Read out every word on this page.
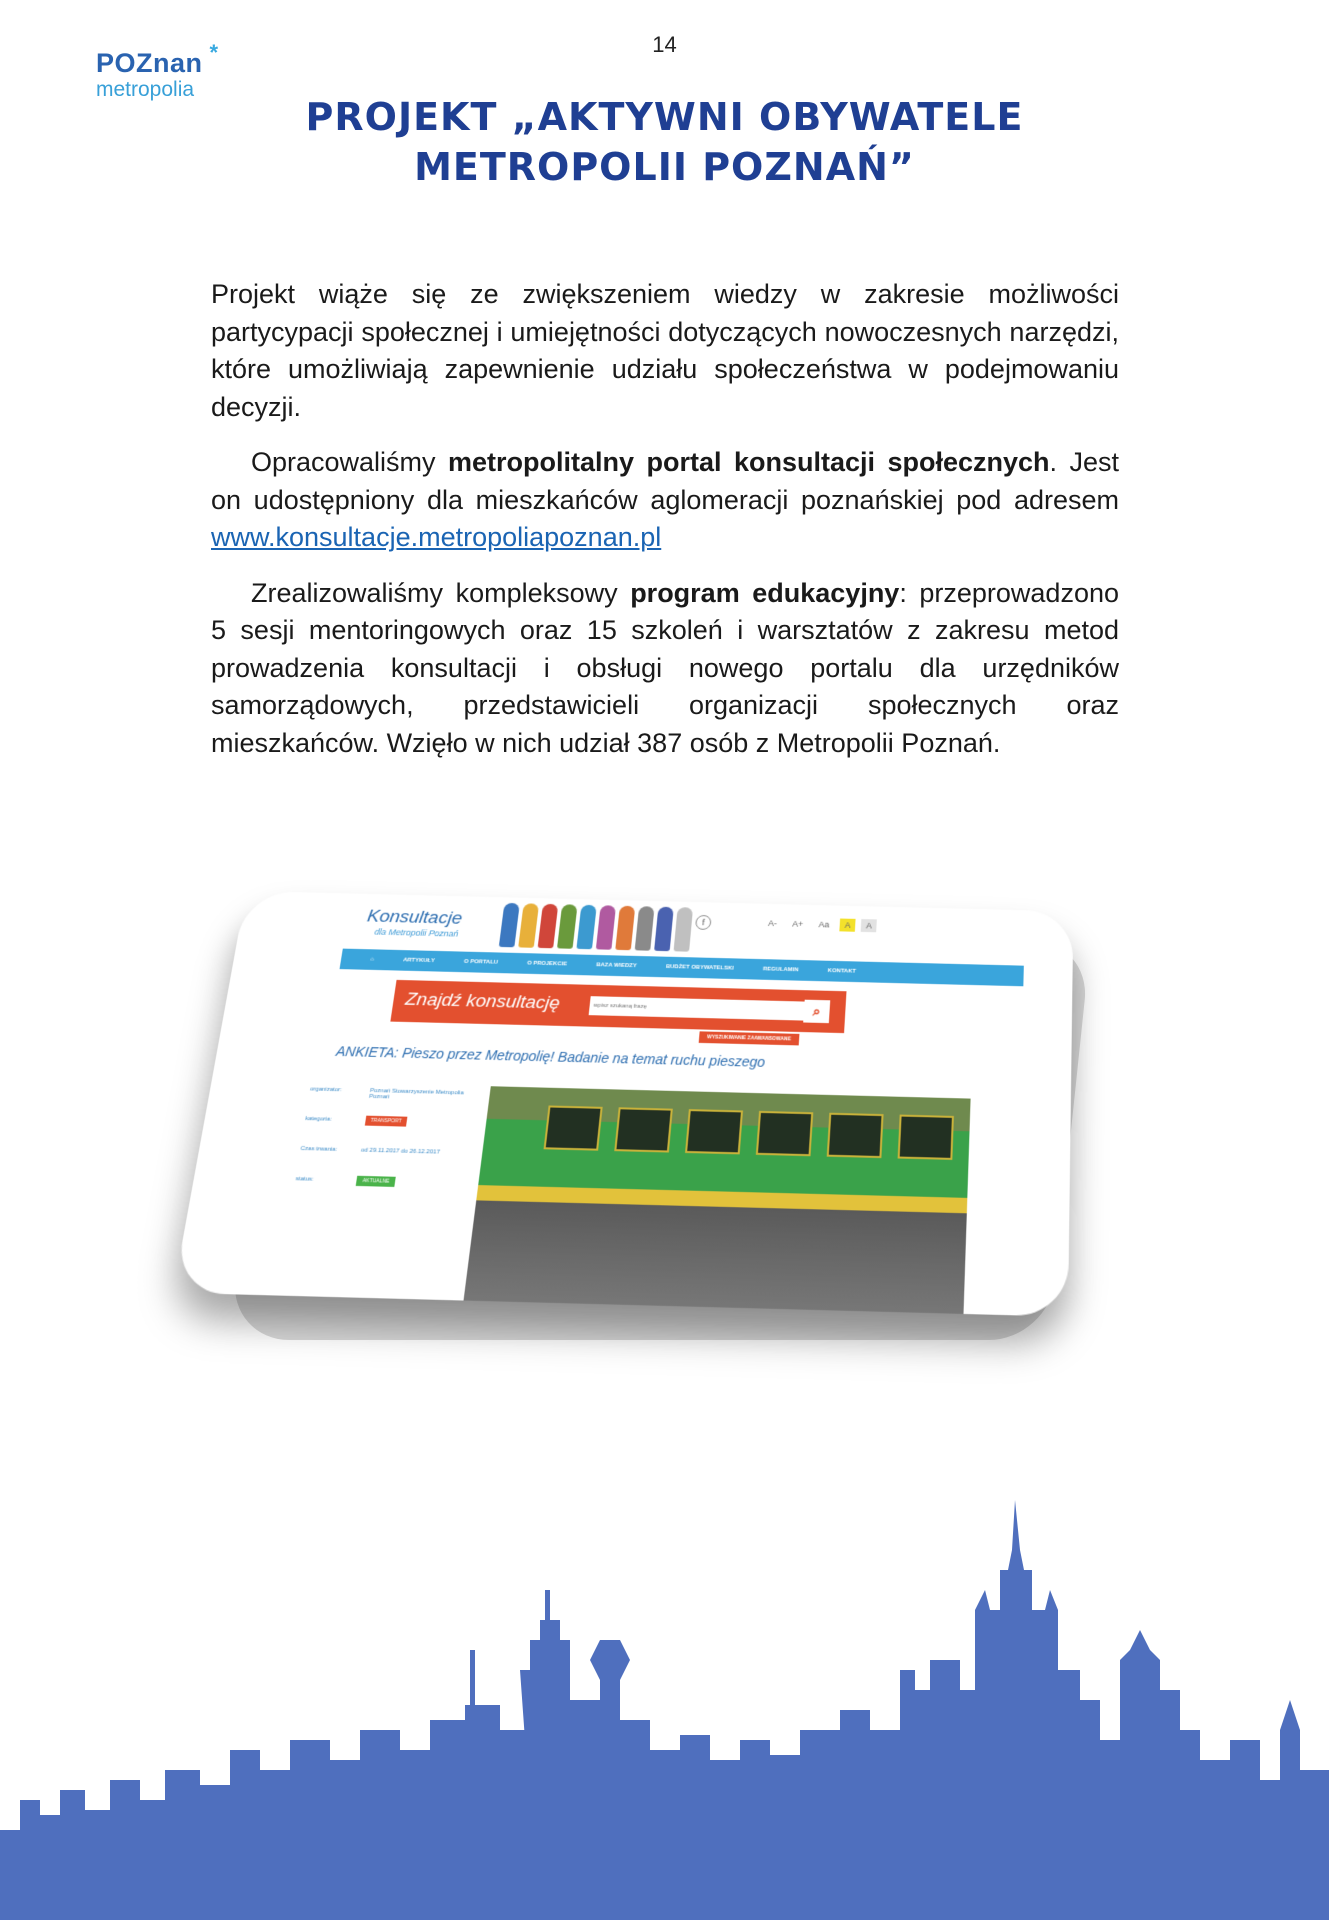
14
POZnan *
metropolia
PROJEKT „AKTYWNI OBYWATELE
METROPOLII POZNAŃ”

Projekt wiąże się ze zwiększeniem wiedzy w zakresie możliwości partycypacji społecznej i umiejętności dotyczących nowoczesnych narzędzi, które umożliwiają zapewnienie udziału społeczeństwa w podejmowaniu decyzji.

Opracowaliśmy metropolitalny portal konsultacji społecznych. Jest on udostępniony dla mieszkańców aglomeracji poznańskiej pod adresem www.konsultacje.metropoliapoznan.pl

Zrealizowaliśmy kompleksowy program edukacyjny: przeprowadzono 5 sesji mentoringowych oraz 15 szkoleń i warsztatów z zakresu metod prowadzenia konsultacji i obsługi nowego portalu dla urzędników samorządowych, przedstawicieli organizacji społecznych oraz mieszkańców. Wzięło w nich udział 387 osób z Metropolii Poznań.

Konsultacje
dla Metropolii Poznań
f	A-	A+	Aa	A	A
⌂	ARTYKUŁY	O PORTALU	O PROJEKCIE	BAZA WIEDZY	BUDŻET OBYWATELSKI	REGULAMIN	KONTAKT
Znajdź konsultację
wpisz szukaną frazę	⌕
WYSZUKIWANIE ZAAWANSOWANE
ANKIETA: Pieszo przez Metropolię! Badanie na temat ruchu pieszego
organizator:	Poznań Stowarzyszenie Metropolia Poznań
kategoria:	TRANSPORT
Czas trwania:	od 29.11.2017 do 26.12.2017
status:	AKTUALNE
